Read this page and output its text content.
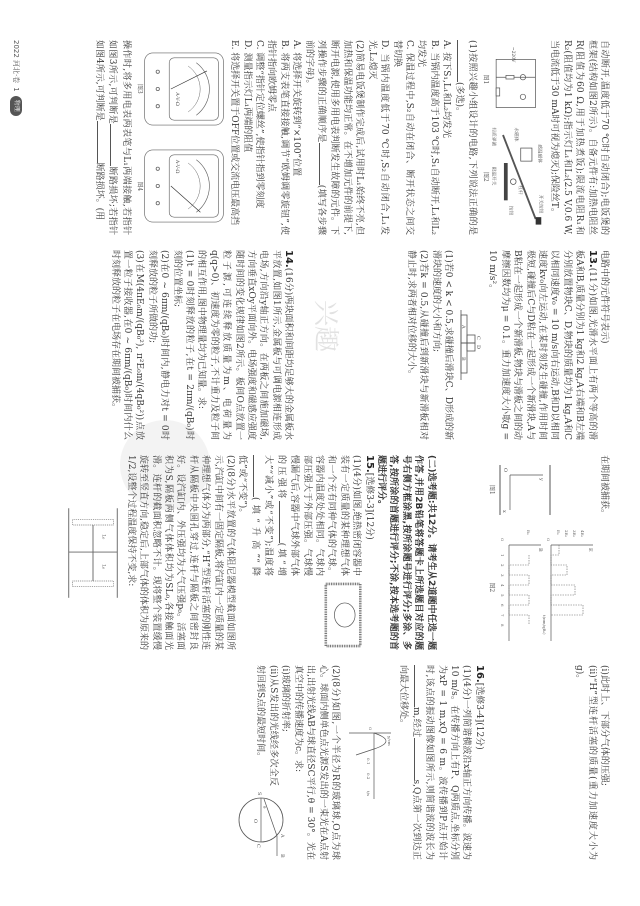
兴趣

自动断开,温度低于70 ℃时自动闭合);电饭煲的框架(结构如图2所示)。自备元件有:加热电阻丝R(阻值为60 Ω,用于加热煮饭);限流电阻R₁和R₂(阻值均为1 kΩ);指示灯L₁和L₂(2.5 V,0.6 W,当电流低于30 mA时可视为熄灭);保险丝T。

~220V
图1
开关按钮
永磁体
杠杆
按钮
限温开关
感温磁体
轻质弹簧
图2

(1)按照兴趣小组设计的电路,下列说法正确的是(多选)。

A. 按下S₁,L₁和L₂均发光

B. 当锅内温度高于103 ℃时,S₁自动断开,L₁和L₂均发光

C. 保温过程中,S₂自动在闭合、断开状态之间交替切换

D. 当锅内温度低于70 ℃时,S₂自动闭合,L₁发光,L₂熄灭

(2)简易电饭煲制作完成后,试用时L₁始终不亮,但加热和保温功能均正常。在不增加元件的前提下,断开电源,使用多用电表判断发生故障的元件。下列操作步骤的正确顺序是(填写各步骤前的字母)。

A. 将选择开关旋转到“×100”位置

B. 将两支表笔直接接触,调节“欧姆调零旋钮”,使指针指向欧姆零点

C. 调整“指针定位螺丝”,使指针指到零刻度

D. 测量指示灯L₁两端的阻值

E. 将选择开关置于OFF位置或交流电压最高挡

A-V-Ω
图3
A-V-Ω
图4

操作时,将多用电表两表笔与L₁两端接触,若指针如图3所示,可判断是断路损坏;若指针如图4所示,可判断是断路损坏。(用

2022 河北·卷
1
物理

电路中的元件符号表示)

13.(11分)如图,光滑水平面上有两个等高的滑板A和B,质量分别为1 kg和2 kg,A右端和B左端分别放置物块C、D,物块的质量均为1 kg,A和C以相同速度v₀ = 10 m/s向右运动,B和D以相同速度kv₀向左运动,在某时刻发生碰撞,作用时间极短,碰撞后C与D粘在一起形成一个新滑块,A与B粘在一起形成一个新滑板,物块与滑板之间的动摩擦因数均为μ = 0.1。重力加速度大小取g = 10 m/s²。

C
D
A
B

(1)若0 < k < 0.5,求碰撞后滑块C、D形成的新滑块的速度的大小和方向;

(2)若k = 0.5,从碰撞后到新滑块与新滑板相对静止时,求两者相对位移的大小。

14.(16分)两块面积和间距均足够大的金属板水平放置,如图1所示,金属板与可调电源相连形成电场,方向沿y轴正方向。在两板之间施加磁场,方向垂直xOy平面向外。电场强度和磁感应强度随时间的变化规律如图2所示。板间O点放置一粒子源,可连续释放质量为m、电荷量为q(q>0)、初速度为零的粒子,不计重力及粒子间的相互作用,图中物理量均为已知量。求:

(1)t = 0时刻释放的粒子,在t = 2πm/(qB₀)时刻的位置坐标;

(2)在0 ~ 6πm/(qB₀)时间内,静电力对t = 0时刻释放的粒子所做的功;

(3)在M(4πE₀m/(qB₀²), π²E₀m/(4qB₀²))点放置一粒子接收器,在0 ~ 6πm/(qB₀)时间内什么时刻释放的粒子在电场存在期间被捕获。

在期间被捕获。

y
O
x
图1
E
4E₀
3E₀
2E₀
E₀
O
B
B₀
O
1
2
3
4
5
6
7
8	t(πm/qB₀)
图2

(二)选考题:共12分。请考生从2道题中任选一题作答,并用2B铅笔将答题卡上所选题目对应的题号右侧方框涂黑,按所涂题号进行评分;多涂、多答,按所涂的首题进行评分;不涂,按本选考题的首题进行评分。

15.[选修3-3](12分)

(1)(4分)如图,绝热密闭容器中装有一定质量的某种理想气体和一个充有同种气体的气球。容器内温度处处相同。气球内部压强大于外部压强。气球慢慢漏气后,容器中气球外部气体的压强将(填“增大”“减小”或“不变”);温度将(填“升高”“降低”或“不变”)。

(2)(8分)水平放置的气体阻尼器模型截面如图所示,汽缸中间有一固定隔板,将汽缸内一定质量的某种理想气体分为两部分,“H”型连杆活塞的刚性连杆从隔板中央圆孔穿过,连杆与隔板之间密封良好。设汽缸内、外压强均为大气压强p₀。活塞面积为S,隔板两侧气体体积均为SL₀,各接触面光滑。连杆的截面积忽略不计。现将整个装置缓慢旋转至竖直方向,稳定后,上部气体的体积为原来的1/2,设整个过程温度保持不变,求:

L₀
L₀

(i)此时上、下部分气体的压强;

(ii)“H”型连杆活塞的质量(重力加速度大小为g)。

16.[选修3-4](12分)

(1)(4分)一列简谐横波沿x轴正方向传播。波速为10 m/s。在传播方向上有P、Q两质点,坐标分别为xP = 1 m,xQ = 6 m。波传播到P点开始计时,该点的振动图像如图所示,则简谐波的波长为m,经过s,Q点第一次到达正向最大位移处。

y/cm
O
0.1
0.2
t/s

(2)(8分)如图,一个半径为R的玻璃球,O点为球心。球面内侧单色点光源S发出的一束光在A点射出,出射光线AB与球直径SC平行,θ = 30°。光在真空中的传播速度为c。求:

(i)玻璃的折射率;

(ii)从S发出的光线经多次全反射回到S点的最短时间。

S
θ
O
A
B
C
